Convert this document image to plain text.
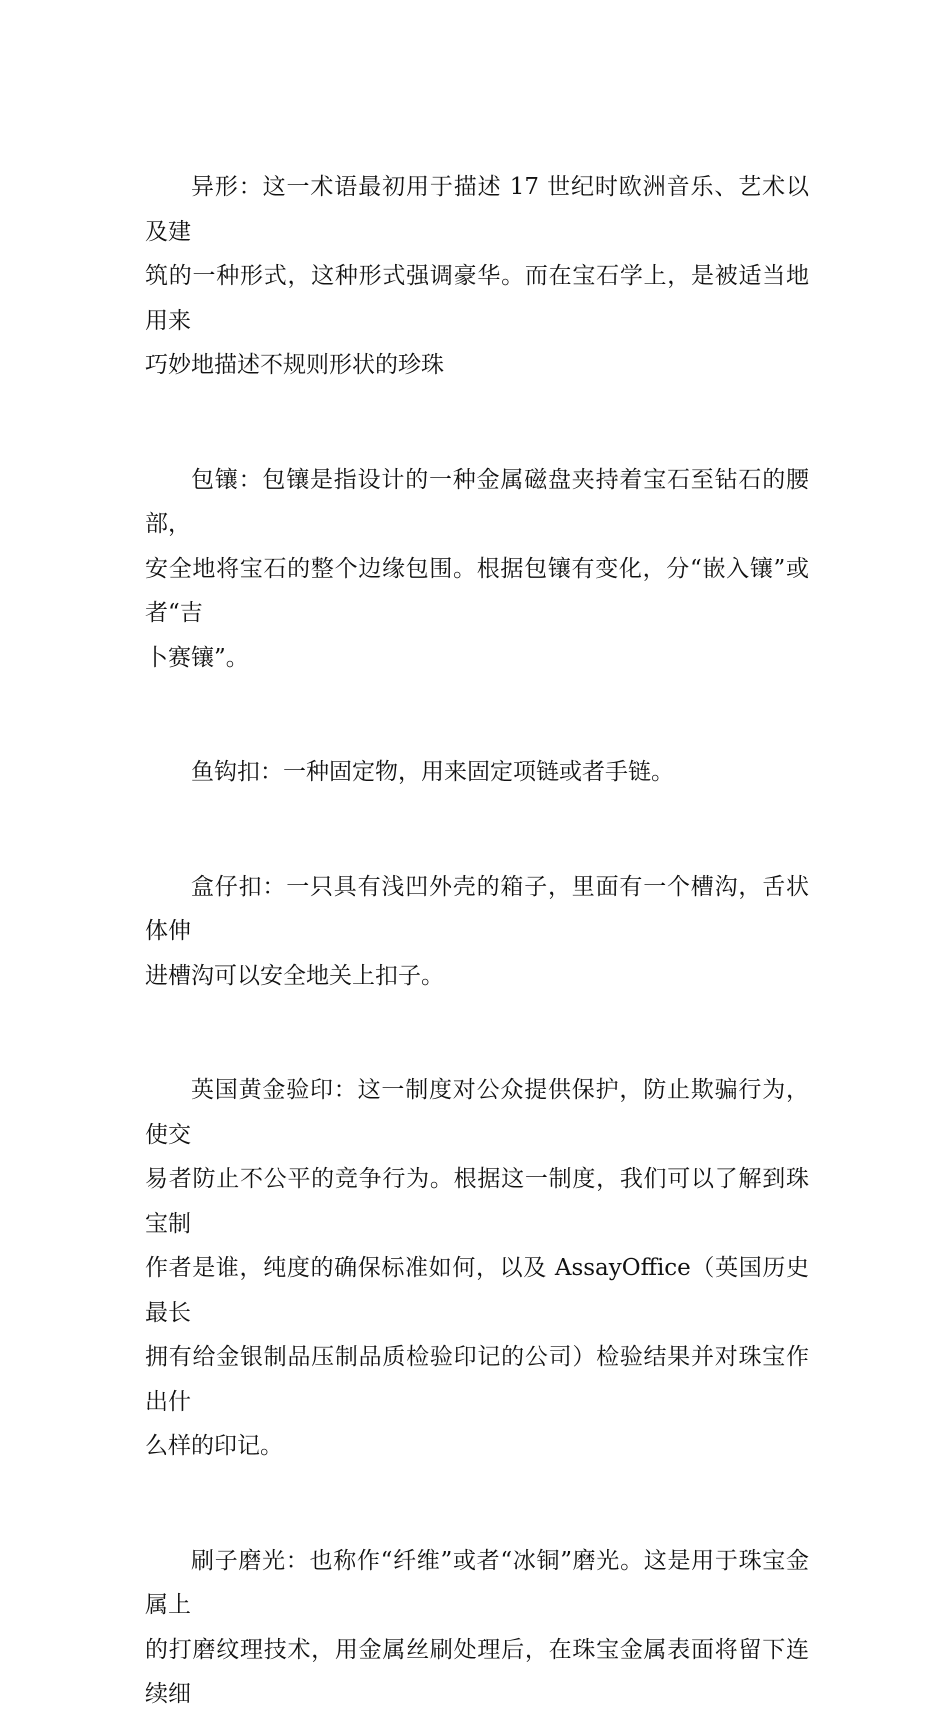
异形：这一术语最初用于描述 17 世纪时欧洲音乐、艺术以及建
筑的一种形式，这种形式强调豪华。而在宝石学上，是被适当地用来
巧妙地描述不规则形状的珍珠

包镶：包镶是指设计的一种金属磁盘夹持着宝石至钻石的腰部，
安全地将宝石的整个边缘包围。根据包镶有变化，分“嵌入镶”或者“吉
卜赛镶”。

鱼钩扣：一种固定物，用来固定项链或者手链。

盒仔扣：一只具有浅凹外壳的箱子，里面有一个槽沟，舌状体伸
进槽沟可以安全地关上扣子。

英国黄金验印：这一制度对公众提供保护，防止欺骗行为，使交
易者防止不公平的竞争行为。根据这一制度，我们可以了解到珠宝制
作者是谁，纯度的确保标准如何，以及 AssayOffice（英国历史最长
拥有给金银制品压制品质检验印记的公司）检验结果并对珠宝作出什
么样的印记。

刷子磨光：也称作“纤维”或者“冰铜”磨光。这是用于珠宝金属上
的打磨纹理技术，用金属丝刷处理后，在珠宝金属表面将留下连续细
